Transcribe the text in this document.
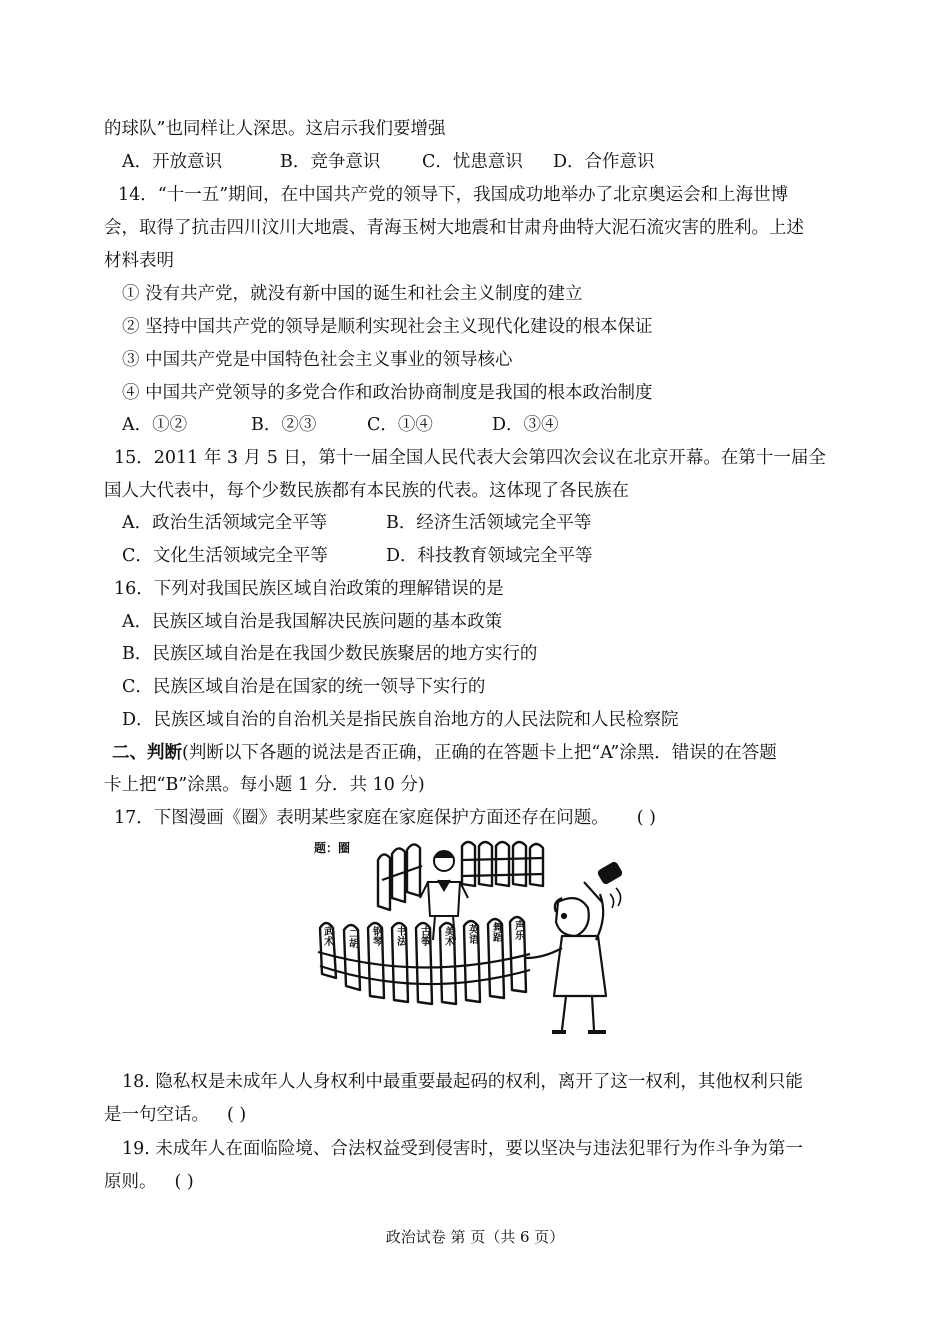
的球队”也同样让人深思。这启示我们要增强
A．开放意识	B．竞争意识 C．忧患意识 D．合作意识
14．“十一五”期间，在中国共产党的领导下，我国成功地举办了北京奥运会和上海世博
会，取得了抗击四川汶川大地震、青海玉树大地震和甘肃舟曲特大泥石流灾害的胜利。上述
材料表明
① 没有共产党，就没有新中国的诞生和社会主义制度的建立
② 坚持中国共产党的领导是顺利实现社会主义现代化建设的根本保证
③ 中国共产党是中国特色社会主义事业的领导核心
④ 中国共产党领导的多党合作和政治协商制度是我国的根本政治制度
A．①②	B．②③	C．①④	D．③④
15．2011 年 3 月 5 日，第十一届全国人民代表大会第四次会议在北京开幕。在第十一届全
国人大代表中，每个少数民族都有本民族的代表。这体现了各民族在
A．政治生活领域完全平等	B．经济生活领域完全平等
C．文化生活领域完全平等	D．科技教育领域完全平等
16．下列对我国民族区域自治政策的理解错误的是
A．民族区域自治是我国解决民族问题的基本政策
B．民族区域自治是在我国少数民族聚居的地方实行的
C．民族区域自治是在国家的统一领导下实行的
D．民族区域自治的自治机关是指民族自治地方的人民法院和人民检察院
二、判断(判断以下各题的说法是否正确，正确的在答题卡上把“A”涂黑．错误的在答题
卡上把“B”涂黑。每小题 1 分．共 10 分)
17．下图漫画《圈》表明某些家庭在家庭保护方面还存在问题。 ( )
题：圈
武术 二胡 钢琴 书法 古筝 美术 英语 舞蹈 声乐
18. 隐私权是未成年人人身权利中最重要最起码的权利，离开了这一权利，其他权利只能
是一句空话。 ( )
19. 未成年人在面临险境、合法权益受到侵害时，要以坚决与违法犯罪行为作斗争为第一
原则。 ( )
政治试卷 第 页（共 6 页）
